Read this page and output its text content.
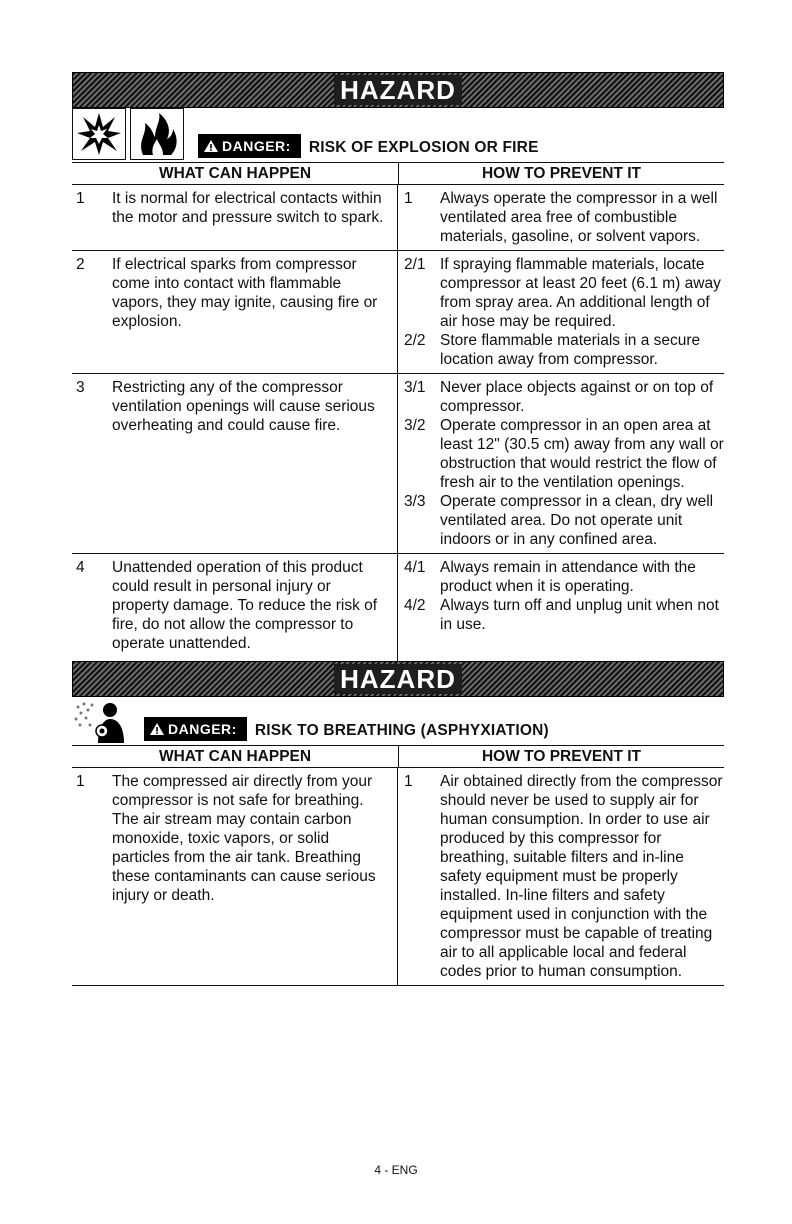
HAZARD
DANGER: RISK OF EXPLOSION OR FIRE
WHAT CAN HAPPEN	HOW TO PREVENT IT
1	It is normal for electrical contacts within the motor and pressure switch to spark.
1	Always operate the compressor in a well ventilated area free of combustible materials, gasoline, or solvent vapors.
2	If electrical sparks from compressor come into contact with flammable vapors, they may ignite, causing fire or explosion.
2/1 If spraying flammable materials, locate compressor at least 20 feet (6.1 m) away from spray area. An additional length of air hose may be required.
2/2 Store flammable materials in a secure location away from compressor.
3	Restricting any of the compressor ventilation openings will cause serious overheating and could cause fire.
3/1 Never place objects against or on top of compressor.
3/2 Operate compressor in an open area at least 12" (30.5 cm) away from any wall or obstruction that would restrict the flow of fresh air to the ventilation openings.
3/3 Operate compressor in a clean, dry well ventilated area. Do not operate unit indoors or in any confined area.
4	Unattended operation of this product could result in personal injury or property damage. To reduce the risk of fire, do not allow the compressor to operate unattended.
4/1 Always remain in attendance with the product when it is operating.
4/2 Always turn off and unplug unit when not in use.
HAZARD
DANGER: RISK TO BREATHING (ASPHYXIATION)
WHAT CAN HAPPEN	HOW TO PREVENT IT
1	The compressed air directly from your compressor is not safe for breathing. The air stream may contain carbon monoxide, toxic vapors, or solid particles from the air tank. Breathing these contaminants can cause serious injury or death.
1	Air obtained directly from the compressor should never be used to supply air for human consumption. In order to use air produced by this compressor for breathing, suitable filters and in-line safety equipment must be properly installed. In-line filters and safety equipment used in conjunction with the compressor must be capable of treating air to all applicable local and federal codes prior to human consumption.
4 - ENG
